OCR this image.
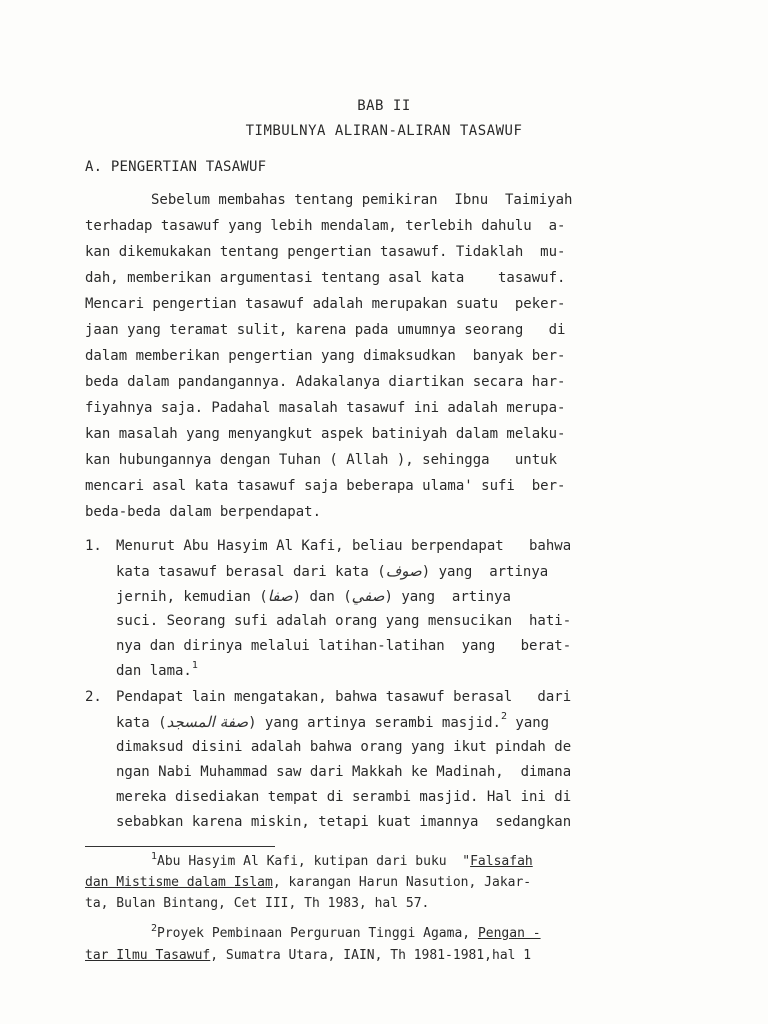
BAB II
TIMBULNYA ALIRAN-ALIRAN TASAWUF
A. PENGERTIAN TASAWUF
Sebelum membahas tentang pemikiran  Ibnu  Taimiyah
terhadap tasawuf yang lebih mendalam, terlebih dahulu  a-
kan dikemukakan tentang pengertian tasawuf. Tidaklah  mu-
dah, memberikan argumentasi tentang asal kata    tasawuf.
Mencari pengertian tasawuf adalah merupakan suatu  peker-
jaan yang teramat sulit, karena pada umumnya seorang   di
dalam memberikan pengertian yang dimaksudkan  banyak ber-
beda dalam pandangannya. Adakalanya diartikan secara har-
fiyahnya saja. Padahal masalah tasawuf ini adalah merupa-
kan masalah yang menyangkut aspek batiniyah dalam melaku-
kan hubungannya dengan Tuhan ( Allah ), sehingga   untuk
mencari asal kata tasawuf saja beberapa ulama' sufi  ber-
beda-beda dalam berpendapat.
1. Menurut Abu Hasyim Al Kafi, beliau berpendapat   bahwa
kata tasawuf berasal dari kata (صوف) yang  artinya
jernih, kemudian (صفا) dan (صفي) yang  artinya
suci. Seorang sufi adalah orang yang mensucikan  hati-
nya dan dirinya melalui latihan-latihan  yang   berat-
dan lama.$^1$
2. Pendapat lain mengatakan, bahwa tasawuf berasal   dari
kata (صفة المسجد) yang artinya serambi masjid.$^2$ yang
dimaksud disini adalah bahwa orang yang ikut pindah de
ngan Nabi Muhammad saw dari Makkah ke Madinah,  dimana
mereka disediakan tempat di serambi masjid. Hal ini di
sebabkan karena miskin, tetapi kuat imannya  sedangkan
$^1$Abu Hasyim Al Kafi, kutipan dari buku  "Falsafah
dan Mistisme dalam Islam, karangan Harun Nasution, Jakar-
ta, Bulan Bintang, Cet III, Th 1983, hal 57.
$^2$Proyek Pembinaan Perguruan Tinggi Agama, Pengan -
tar Ilmu Tasawuf, Sumatra Utara, IAIN, Th 1981-1981,hal 1
